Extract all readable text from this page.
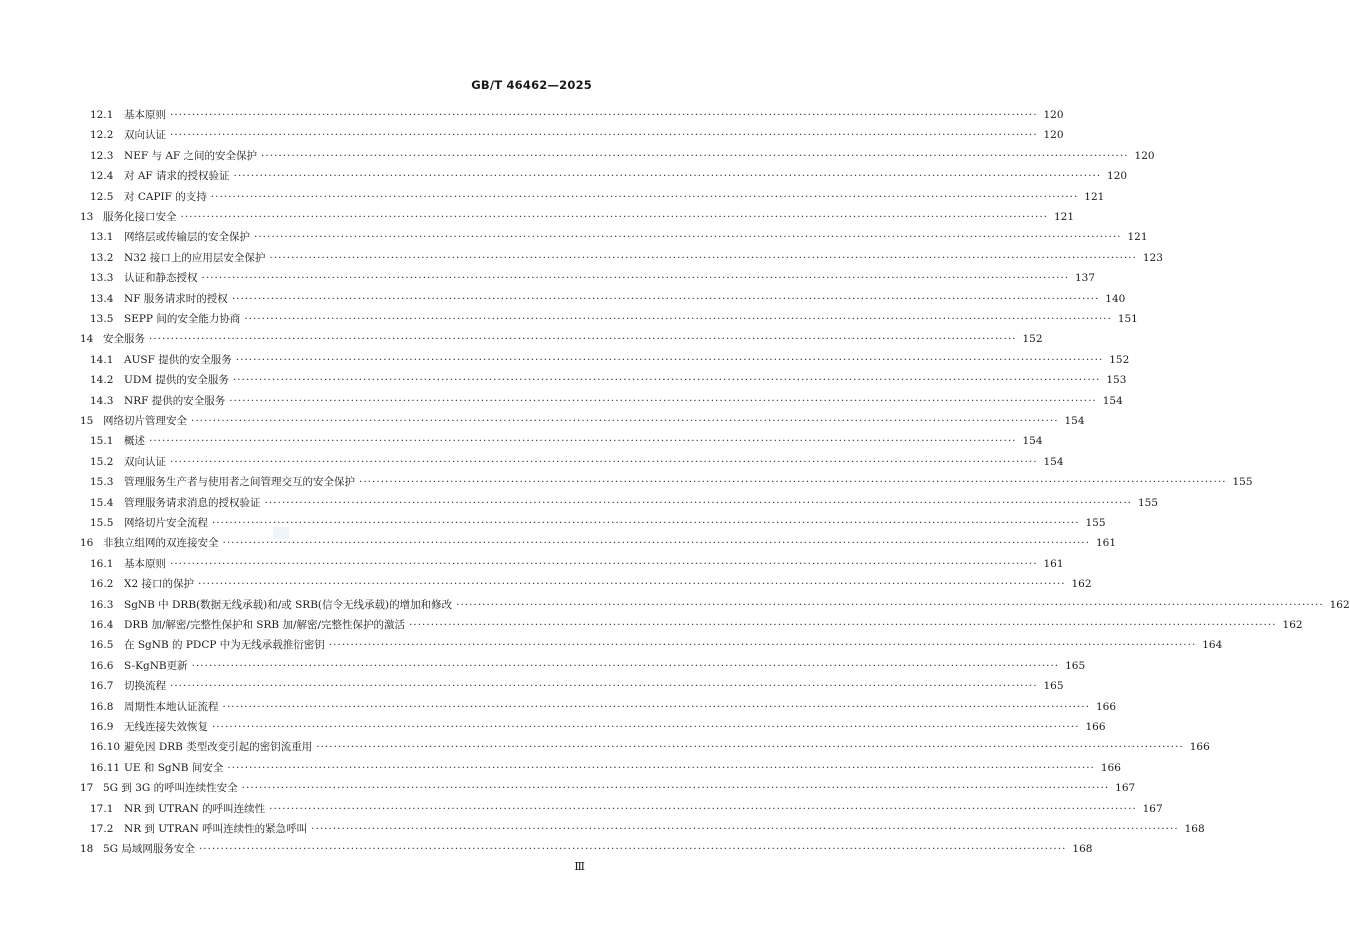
GB/T 46462—2025
12.1 基本原则 ········································································································································································································ 120
12.2 双向认证 ········································································································································································································ 120
12.3 NEF 与 AF 之间的安全保护 ········································································································································································································ 120
12.4 对 AF 请求的授权验证 ········································································································································································································ 120
12.5 对 CAPIF 的支持 ········································································································································································································ 121
13 服务化接口安全 ········································································································································································································ 121
13.1 网络层或传输层的安全保护 ········································································································································································································ 121
13.2 N32 接口上的应用层安全保护 ········································································································································································································ 123
13.3 认证和静态授权 ········································································································································································································ 137
13.4 NF 服务请求时的授权 ········································································································································································································ 140
13.5 SEPP 间的安全能力协商 ········································································································································································································ 151
14 安全服务 ········································································································································································································ 152
14.1 AUSF 提供的安全服务 ········································································································································································································ 152
14.2 UDM 提供的安全服务 ········································································································································································································ 153
14.3 NRF 提供的安全服务 ········································································································································································································ 154
15 网络切片管理安全 ········································································································································································································ 154
15.1 概述 ········································································································································································································ 154
15.2 双向认证 ········································································································································································································ 154
15.3 管理服务生产者与使用者之间管理交互的安全保护 ········································································································································································································ 155
15.4 管理服务请求消息的授权验证 ········································································································································································································ 155
15.5 网络切片安全流程 ········································································································································································································ 155
16 非独立组网的双连接安全 ········································································································································································································ 161
16.1 基本原则 ········································································································································································································ 161
16.2 X2 接口的保护 ········································································································································································································ 162
16.3 SgNB 中 DRB(数据无线承载)和/或 SRB(信令无线承载)的增加和修改 ········································································································································································································ 162
16.4 DRB 加/解密/完整性保护和 SRB 加/解密/完整性保护的激活 ········································································································································································································ 162
16.5 在 SgNB 的 PDCP 中为无线承载推衍密钥 ········································································································································································································ 164
16.6 S-KgNB更新 ········································································································································································································ 165
16.7 切换流程 ········································································································································································································ 165
16.8 周期性本地认证流程 ········································································································································································································ 166
16.9 无线连接失效恢复 ········································································································································································································ 166
16.10 避免因 DRB 类型改变引起的密钥流重用 ········································································································································································································ 166
16.11 UE 和 SgNB 间安全 ········································································································································································································ 166
17 5G 到 3G 的呼叫连续性安全 ········································································································································································································ 167
17.1 NR 到 UTRAN 的呼叫连续性 ········································································································································································································ 167
17.2 NR 到 UTRAN 呼叫连续性的紧急呼叫 ········································································································································································································ 168
18 5G 局域网服务安全 ········································································································································································································ 168
Ⅲ
